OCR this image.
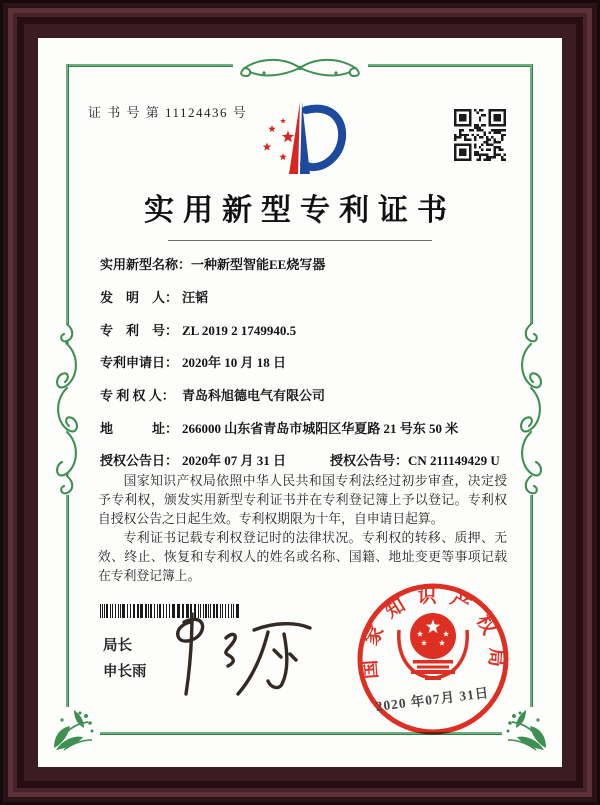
证 书 号 第 11124436 号
实用新型专利证书
实用新型名称：一种新型智能EE烧写器
发　明　人： 汪韬
专　利　号： ZL 2019 2 1749940.5
专利申请日： 2020年 10 月 18 日
专 利 权 人： 青岛科旭德电气有限公司
地　　　址： 266000 山东省青岛市城阳区华夏路 21 号东 50 米
授权公告日： 2020年 07 月 31 日	授权公告号：CN 211149429 U

国家知识产权局依照中华人民共和国专利法经过初步审查，决定授予专利权，颁发实用新型专利证书并在专利登记簿上予以登记。专利权自授权公告之日起生效。专利权期限为十年，自申请日起算。

专利证书记载专利权登记时的法律状况。专利权的转移、质押、无效、终止、恢复和专利权人的姓名或名称、国籍、地址变更等事项记载在专利登记簿上。

局长
申长雨	国家知识产权局
2020 年07月 31日
